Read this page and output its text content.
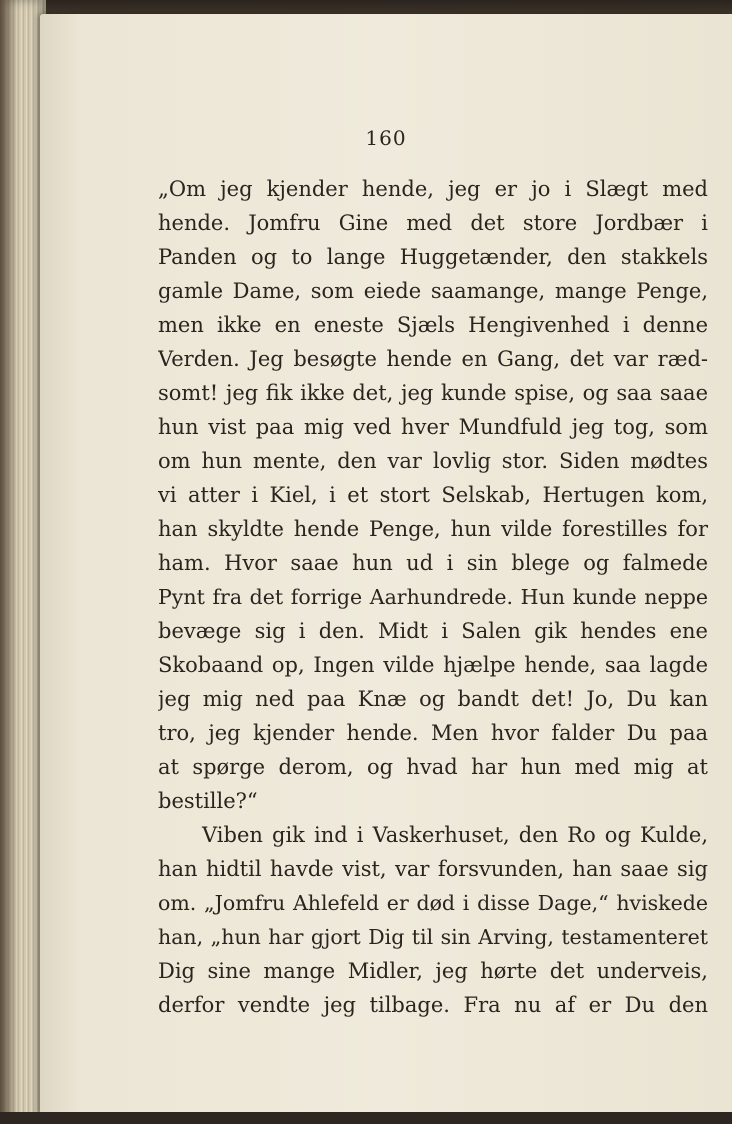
160
„Om jeg kjender hende, jeg er jo i Slægt med
hende. Jomfru Gine med det store Jordbær i
Panden og to lange Huggetænder, den stakkels
gamle Dame, som eiede saamange, mange Penge,
men ikke en eneste Sjæls Hengivenhed i denne
Verden. Jeg besøgte hende en Gang, det var ræd-
somt! jeg fik ikke det, jeg kunde spise, og saa saae
hun vist paa mig ved hver Mundfuld jeg tog, som
om hun mente, den var lovlig stor. Siden mødtes
vi atter i Kiel, i et stort Selskab, Hertugen kom,
han skyldte hende Penge, hun vilde forestilles for
ham. Hvor saae hun ud i sin blege og falmede
Pynt fra det forrige Aarhundrede. Hun kunde neppe
bevæge sig i den. Midt i Salen gik hendes ene
Skobaand op, Ingen vilde hjælpe hende, saa lagde
jeg mig ned paa Knæ og bandt det! Jo, Du kan
tro, jeg kjender hende. Men hvor falder Du paa
at spørge derom, og hvad har hun med mig at
bestille?“
Viben gik ind i Vaskerhuset, den Ro og Kulde,
han hidtil havde vist, var forsvunden, han saae sig
om. „Jomfru Ahlefeld er død i disse Dage,“ hviskede
han, „hun har gjort Dig til sin Arving, testamenteret
Dig sine mange Midler, jeg hørte det underveis,
derfor vendte jeg tilbage. Fra nu af er Du den
